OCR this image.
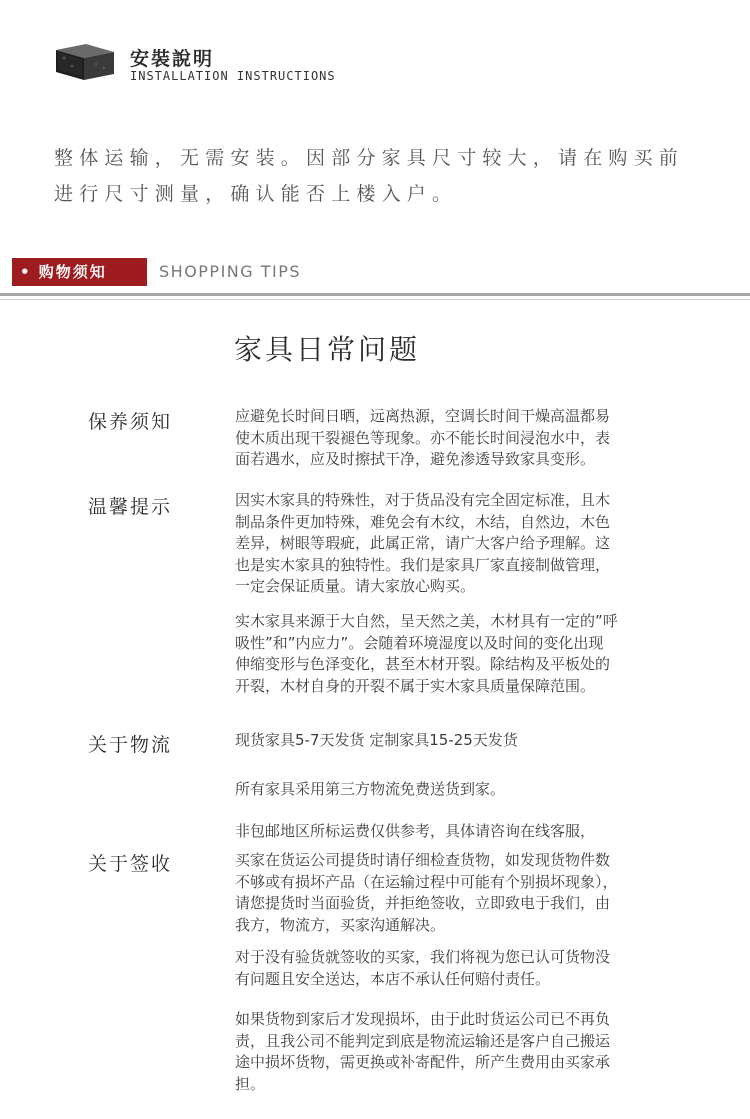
安裝說明
INSTALLATION INSTRUCTIONS
整体运输，无需安装。因部分家具尺寸较大，请在购买前
进行尺寸测量，确认能否上楼入户。
• 购物须知	SHOPPING TIPS
家具日常问题
保养须知	应避免长时间日晒，远离热源，空调长时间干燥高温都易
使木质出现干裂褪色等现象。亦不能长时间浸泡水中，表
面若遇水，应及时擦拭干净，避免渗透导致家具变形。
温馨提示	因实木家具的特殊性，对于货品没有完全固定标准，且木
制品条件更加特殊，难免会有木纹，木结，自然边，木色
差异，树眼等瑕疵，此属正常，请广大客户给予理解。这
也是实木家具的独特性。我们是家具厂家直接制做管理，
一定会保证质量。请大家放心购买。
实木家具来源于大自然，呈天然之美，木材具有一定的”呼
吸性”和”内应力”。会随着环境湿度以及时间的变化出现
伸缩变形与色泽变化，甚至木材开裂。除结构及平板处的
开裂，木材自身的开裂不属于实木家具质量保障范围。
关于物流	现货家具5-7天发货 定制家具15-25天发货
所有家具采用第三方物流免费送货到家。
非包邮地区所标运费仅供参考，具体请咨询在线客服，
关于签收	买家在货运公司提货时请仔细检查货物，如发现货物件数
不够或有损坏产品（在运输过程中可能有个别损坏现象），
请您提货时当面验货，并拒绝签收，立即致电于我们，由
我方，物流方，买家沟通解决。
对于没有验货就签收的买家，我们将视为您已认可货物没
有问题且安全送达，本店不承认任何赔付责任。
如果货物到家后才发现损坏，由于此时货运公司已不再负
责，且我公司不能判定到底是物流运输还是客户自己搬运
途中损坏货物，需更换或补寄配件，所产生费用由买家承
担。
